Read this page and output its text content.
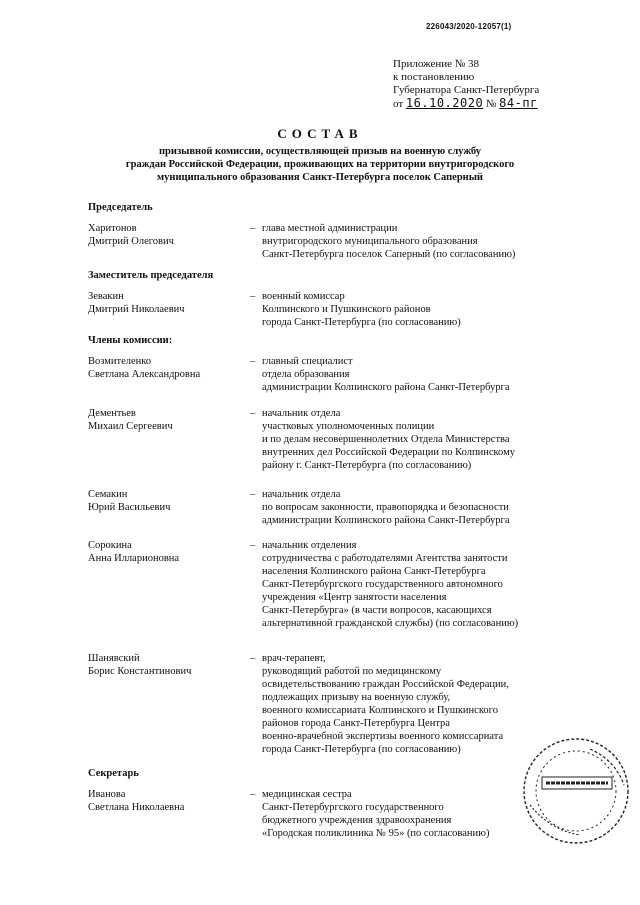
226043/2020-12057(1)
Приложение № 38
к постановлению
Губернатора Санкт-Петербурга
от 16.10.2020 № 84-пг
СОСТАВ
призывной комиссии, осуществляющей призыв на военную службу
граждан Российской Федерации, проживающих на территории внутригородского
муниципального образования Санкт-Петербурга поселок Саперный
Председатель
Харитонов
Дмитрий Олегович
– глава местной администрации
внутригородского муниципального образования
Санкт-Петербурга поселок Саперный (по согласованию)
Заместитель председателя
Зевакин
Дмитрий Николаевич
– военный комиссар
Колпинского и Пушкинского районов
города Санкт-Петербурга (по согласованию)
Члены комиссии:
Возмителенко
Светлана Александровна
– главный специалист
отдела образования
администрации Колпинского района Санкт-Петербурга
Дементьев
Михаил Сергеевич
– начальник отдела
участковых уполномоченных полиции
и по делам несовершеннолетних Отдела Министерства
внутренних дел Российской Федерации по Колпинскому
району г. Санкт-Петербурга (по согласованию)
Семакин
Юрий Васильевич
– начальник отдела
по вопросам законности, правопорядка и безопасности
администрации Колпинского района Санкт-Петербурга
Сорокина
Анна Илларионовна
– начальник отделения
сотрудничества с работодателями Агентства занятости
населения Колпинского района Санкт-Петербурга
Санкт-Петербургского государственного автономного
учреждения «Центр занятости населения
Санкт-Петербурга» (в части вопросов, касающихся
альтернативной гражданской службы) (по согласованию)
Шанявский
Борис Константинович
– врач-терапевт,
руководящий работой по медицинскому
освидетельствованию граждан Российской Федерации,
подлежащих призыву на военную службу,
военного комиссариата Колпинского и Пушкинского
районов города Санкт-Петербурга Центра
военно-врачебной экспертизы военного комиссариата
города Санкт-Петербурга (по согласованию)
Секретарь
Иванова
Светлана Николаевна
– медицинская сестра
Санкт-Петербургского государственного
бюджетного учреждения здравоохранения
«Городская поликлиника № 95» (по согласованию)
